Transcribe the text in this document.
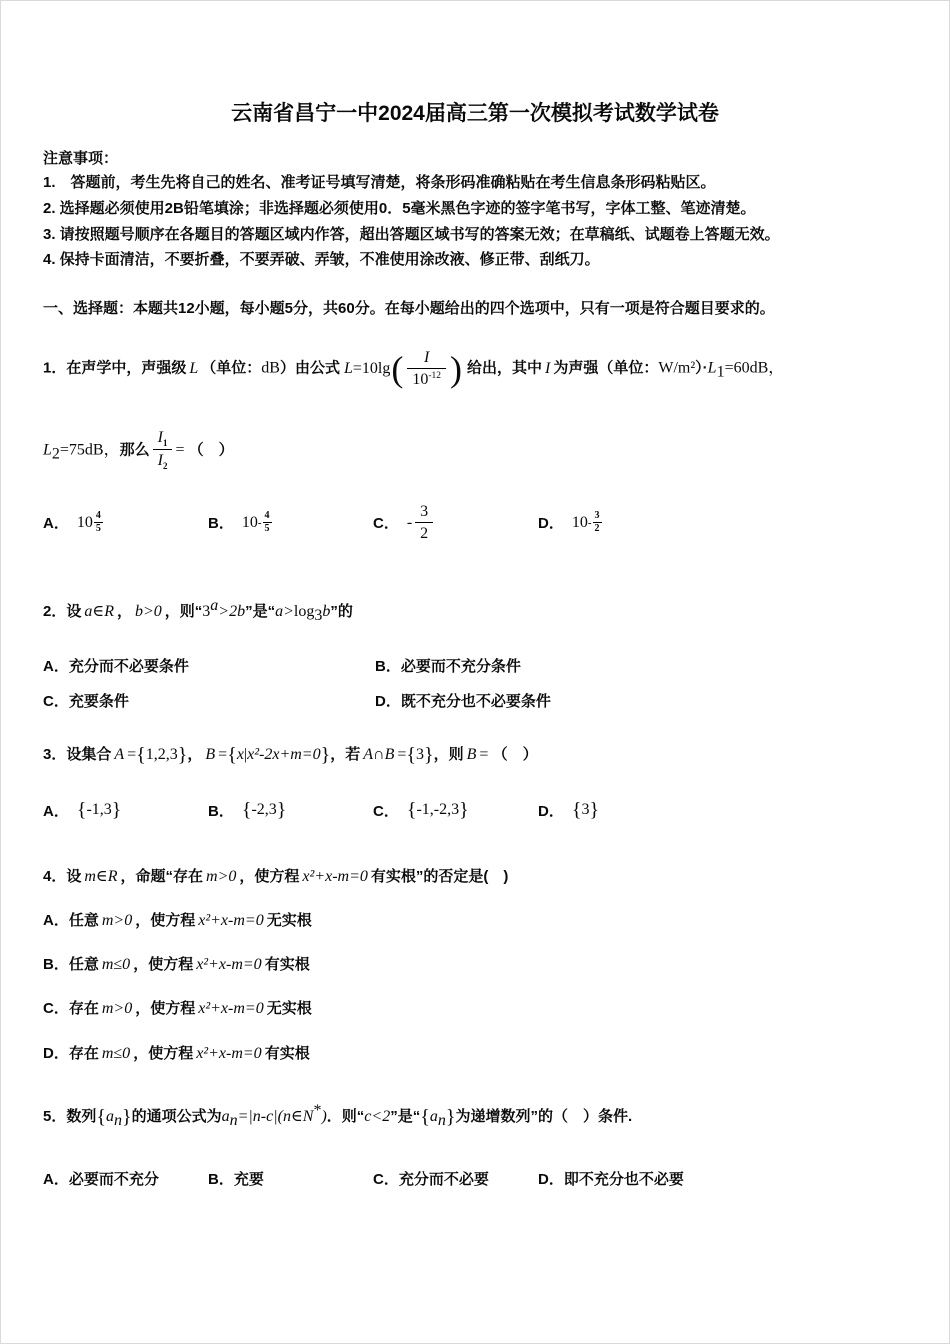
云南省昌宁一中2024届高三第一次模拟考试数学试卷

注意事项：

1.　答题前，考生先将自己的姓名、准考证号填写清楚，将条形码准确粘贴在考生信息条形码粘贴区。

2. 选择题必须使用2B铅笔填涂；非选择题必须使用0．5毫米黑色字迹的签字笔书写，字体工整、笔迹清楚。

3. 请按照题号顺序在各题目的答题区域内作答，超出答题区域书写的答案无效；在草稿纸、试题卷上答题无效。

4. 保持卡面清洁，不要折叠，不要弄破、弄皱，不准使用涂改液、修正带、刮纸刀。

一、选择题：本题共12小题，每小题5分，共60分。在每小题给出的四个选项中，只有一项是符合题目要求的。

1．在声学中，声强级 L （单位：dB）由公式 $L=10\lg( \frac{I}{10^{-12}}$ ) 给出，其中 I 为声强（单位：$W/m^2)\cdot L_1=60dB$，

$L_2=75dB$，那么 $\frac{I_1}{I_2}$ = （　）

A． $10 \frac{4}{5}$	B． $10 - \frac{4}{5}$	C． - $\frac{3}{2}$	D． $10 - \frac{3}{2}$

2．设 a∈R ， b>0 ，则“$3^a>2b$”是“$a>\log_3b$”的

A．充分而不必要条件	B．必要而不充分条件
C．充要条件	D．既不充分也不必要条件

3．设集合 A ={1,2,3}， B ={x|x²-2x+m=0}，若 A∩B ={3}，则 B = （　）

A． { -1,3 }	B． { -2,3 }	C． { -1,-2,3 }	D． { 3 }

4．设 m∈R ，命题“存在 m>0 ，使方程 x²+x-m=0 有实根”的否定是(　)

A．任意 m>0 ，使方程 x²+x-m=0 无实根

B．任意 m≤0 ，使方程 x²+x-m=0 有实根

C．存在 m>0 ，使方程 x²+x-m=0 无实根

D．存在 m≤0 ，使方程 x²+x-m=0 有实根

5．数列$\{a_n\}$的通项公式为$a_n=|n-c|(n\in N^*)$．则“c<2”是“$\{a_n\}$为递增数列”的（　）条件.

A．必要而不充分	B．充要	C．充分而不必要	D．即不充分也不必要
